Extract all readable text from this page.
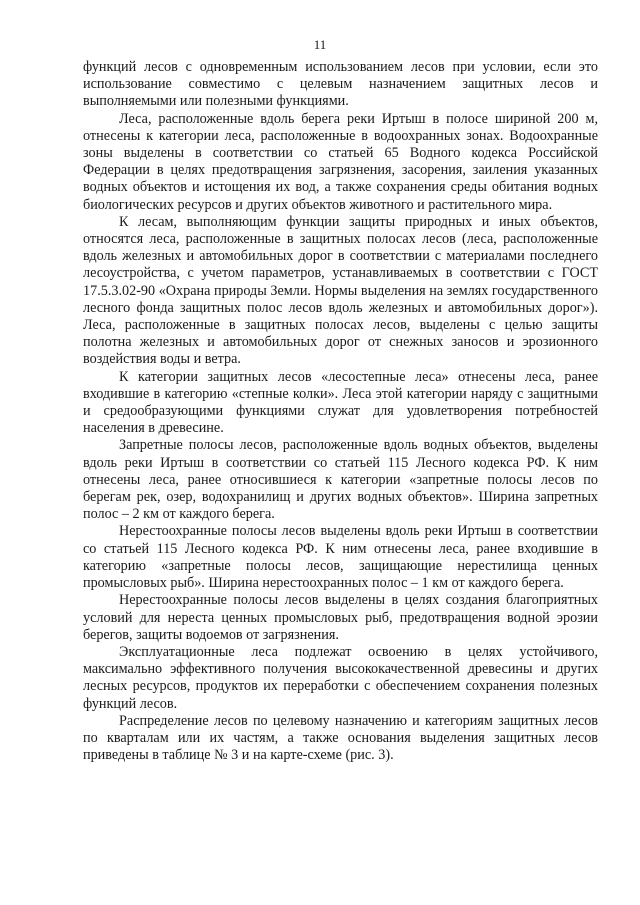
11

функций лесов с одновременным использованием лесов при условии, если это использование совместимо с целевым назначением защитных лесов и выполняемыми или полезными функциями.

Леса, расположенные вдоль берега реки Иртыш в полосе шириной 200 м, отнесены к категории леса, расположенные в водоохранных зонах. Водоохранные зоны выделены в соответствии со статьей 65 Водного кодекса Российской Федерации в целях предотвращения загрязнения, засорения, заиления указанных водных объектов и истощения их вод, а также сохранения среды обитания водных биологических ресурсов и других объектов животного и растительного мира.

К лесам, выполняющим функции защиты природных и иных объектов, относятся леса, расположенные в защитных полосах лесов (леса, расположенные вдоль железных и автомобильных дорог в соответствии с материалами последнего лесоустройства, с учетом параметров, устанавливаемых в соответствии с ГОСТ 17.5.3.02-90 «Охрана природы Земли. Нормы выделения на землях государственного лесного фонда защитных полос лесов вдоль железных и автомобильных дорог»). Леса, расположенные в защитных полосах лесов, выделены с целью защиты полотна железных и автомобильных дорог от снежных заносов и эрозионного воздействия воды и ветра.

К категории защитных лесов «лесостепные леса» отнесены леса, ранее входившие в категорию «степные колки». Леса этой категории наряду с защитными и средообразующими функциями служат для удовлетворения потребностей населения в древесине.

Запретные полосы лесов, расположенные вдоль водных объектов, выделены вдоль реки Иртыш в соответствии со статьей 115 Лесного кодекса РФ. К ним отнесены леса, ранее относившиеся к категории «запретные полосы лесов по берегам рек, озер, водохранилищ и других водных объектов». Ширина запретных полос – 2 км от каждого берега.

Нерестоохранные полосы лесов выделены вдоль реки Иртыш в соответствии со статьей 115 Лесного кодекса РФ. К ним отнесены леса, ранее входившие в категорию «запретные полосы лесов, защищающие нерестилища ценных промысловых рыб». Ширина нерестоохранных полос – 1 км от каждого берега.

Нерестоохранные полосы лесов выделены в целях создания благоприятных условий для нереста ценных промысловых рыб, предотвращения водной эрозии берегов, защиты водоемов от загрязнения.

Эксплуатационные леса подлежат освоению в целях устойчивого, максимально эффективного получения высококачественной древесины и других лесных ресурсов, продуктов их переработки с обеспечением сохранения полезных функций лесов.

Распределение лесов по целевому назначению и категориям защитных лесов по кварталам или их частям, а также основания выделения защитных лесов приведены в таблице № 3 и на карте-схеме (рис. 3).
